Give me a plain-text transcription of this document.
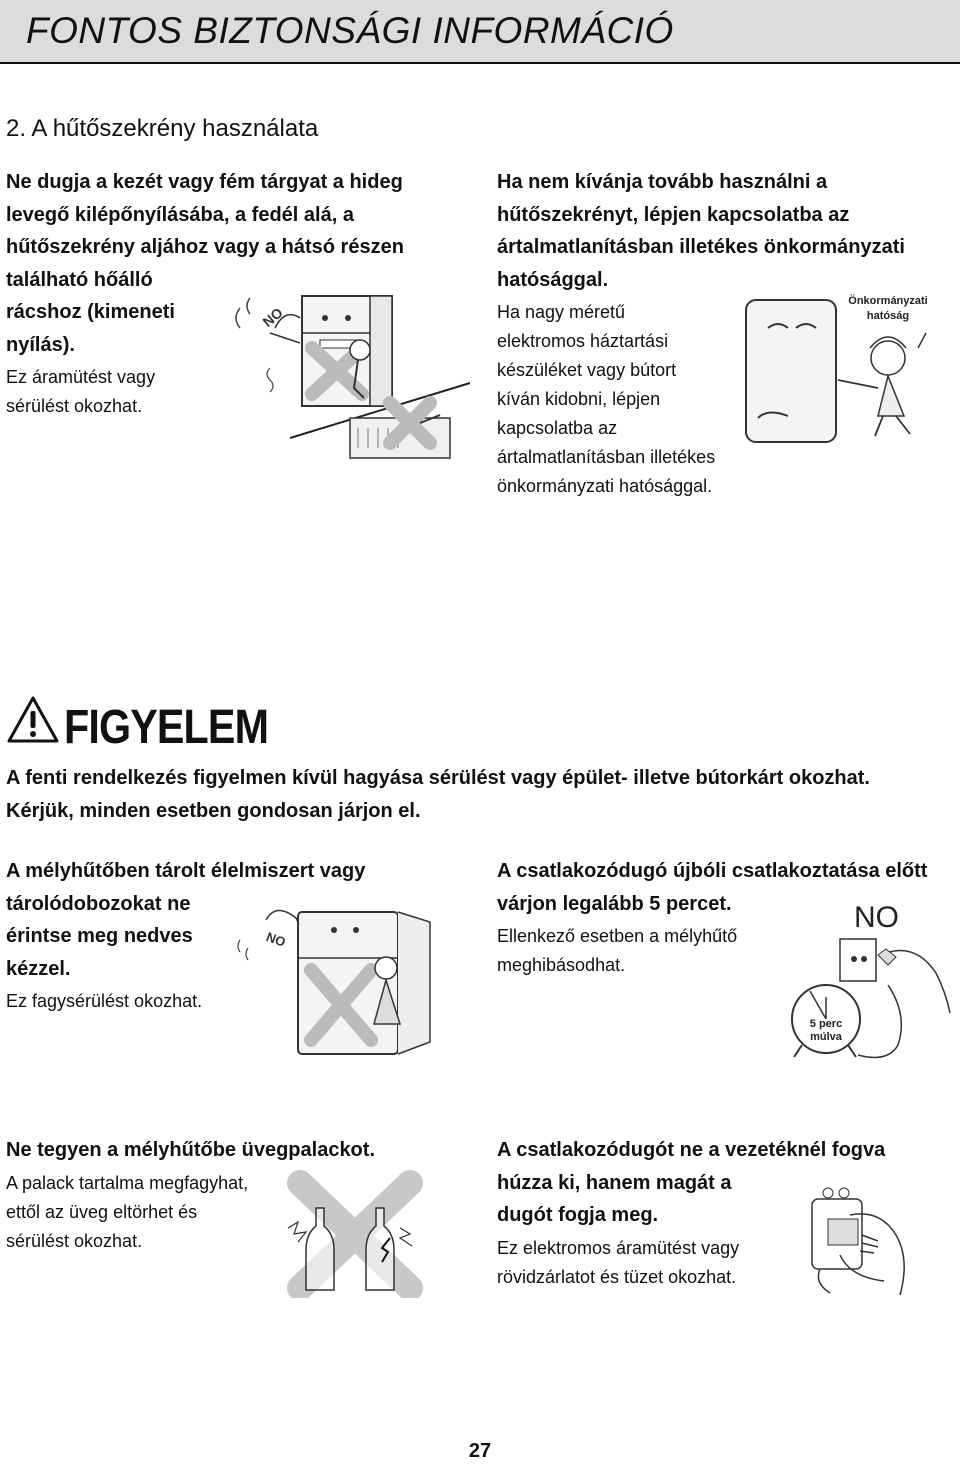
FONTOS BIZTONSÁGI INFORMÁCIÓ
2. A hűtőszekrény használata

Ne dugja a kezét vagy fém tárgyat a hideg

levegő kilépőnyílásába, a fedél alá, a

hűtőszekrény aljához vagy a hátsó részen

található hőálló

rácshoz (kimeneti

nyílás).

Ez áramütést vagy

sérülést okozhat.

NO

Ha nem kívánja tovább használni a

hűtőszekrényt, lépjen kapcsolatba az

ártalmatlanításban illetékes önkormányzati

hatósággal.

Ha nagy méretű

elektromos háztartási

készüléket vagy bútort

kíván kidobni, lépjen

kapcsolatba az

ártalmatlanításban illetékes

önkormányzati hatósággal.

Önkormányzati
hatóság
FIGYELEM

A fenti rendelkezés figyelmen kívül hagyása sérülést vagy épület- illetve bútorkárt okozhat.

Kérjük, minden esetben gondosan járjon el.

A mélyhűtőben tárolt élelmiszert vagy

tárolódobozokat ne

érintse meg nedves

kézzel.

Ez fagysérülést okozhat.

NO

A csatlakozódugó újbóli csatlakoztatása előtt

várjon legalább 5 percet.

Ellenkező esetben a mélyhűtő

meghibásodhat.

NO
5 perc
múlva

Ne tegyen a mélyhűtőbe üvegpalackot.

A palack tartalma megfagyhat,

ettől az üveg eltörhet és

sérülést okozhat.

A csatlakozódugót ne a vezetéknél fogva

húzza ki, hanem magát a

dugót fogja meg.

Ez elektromos áramütést vagy

rövidzárlatot és tüzet okozhat.

27
